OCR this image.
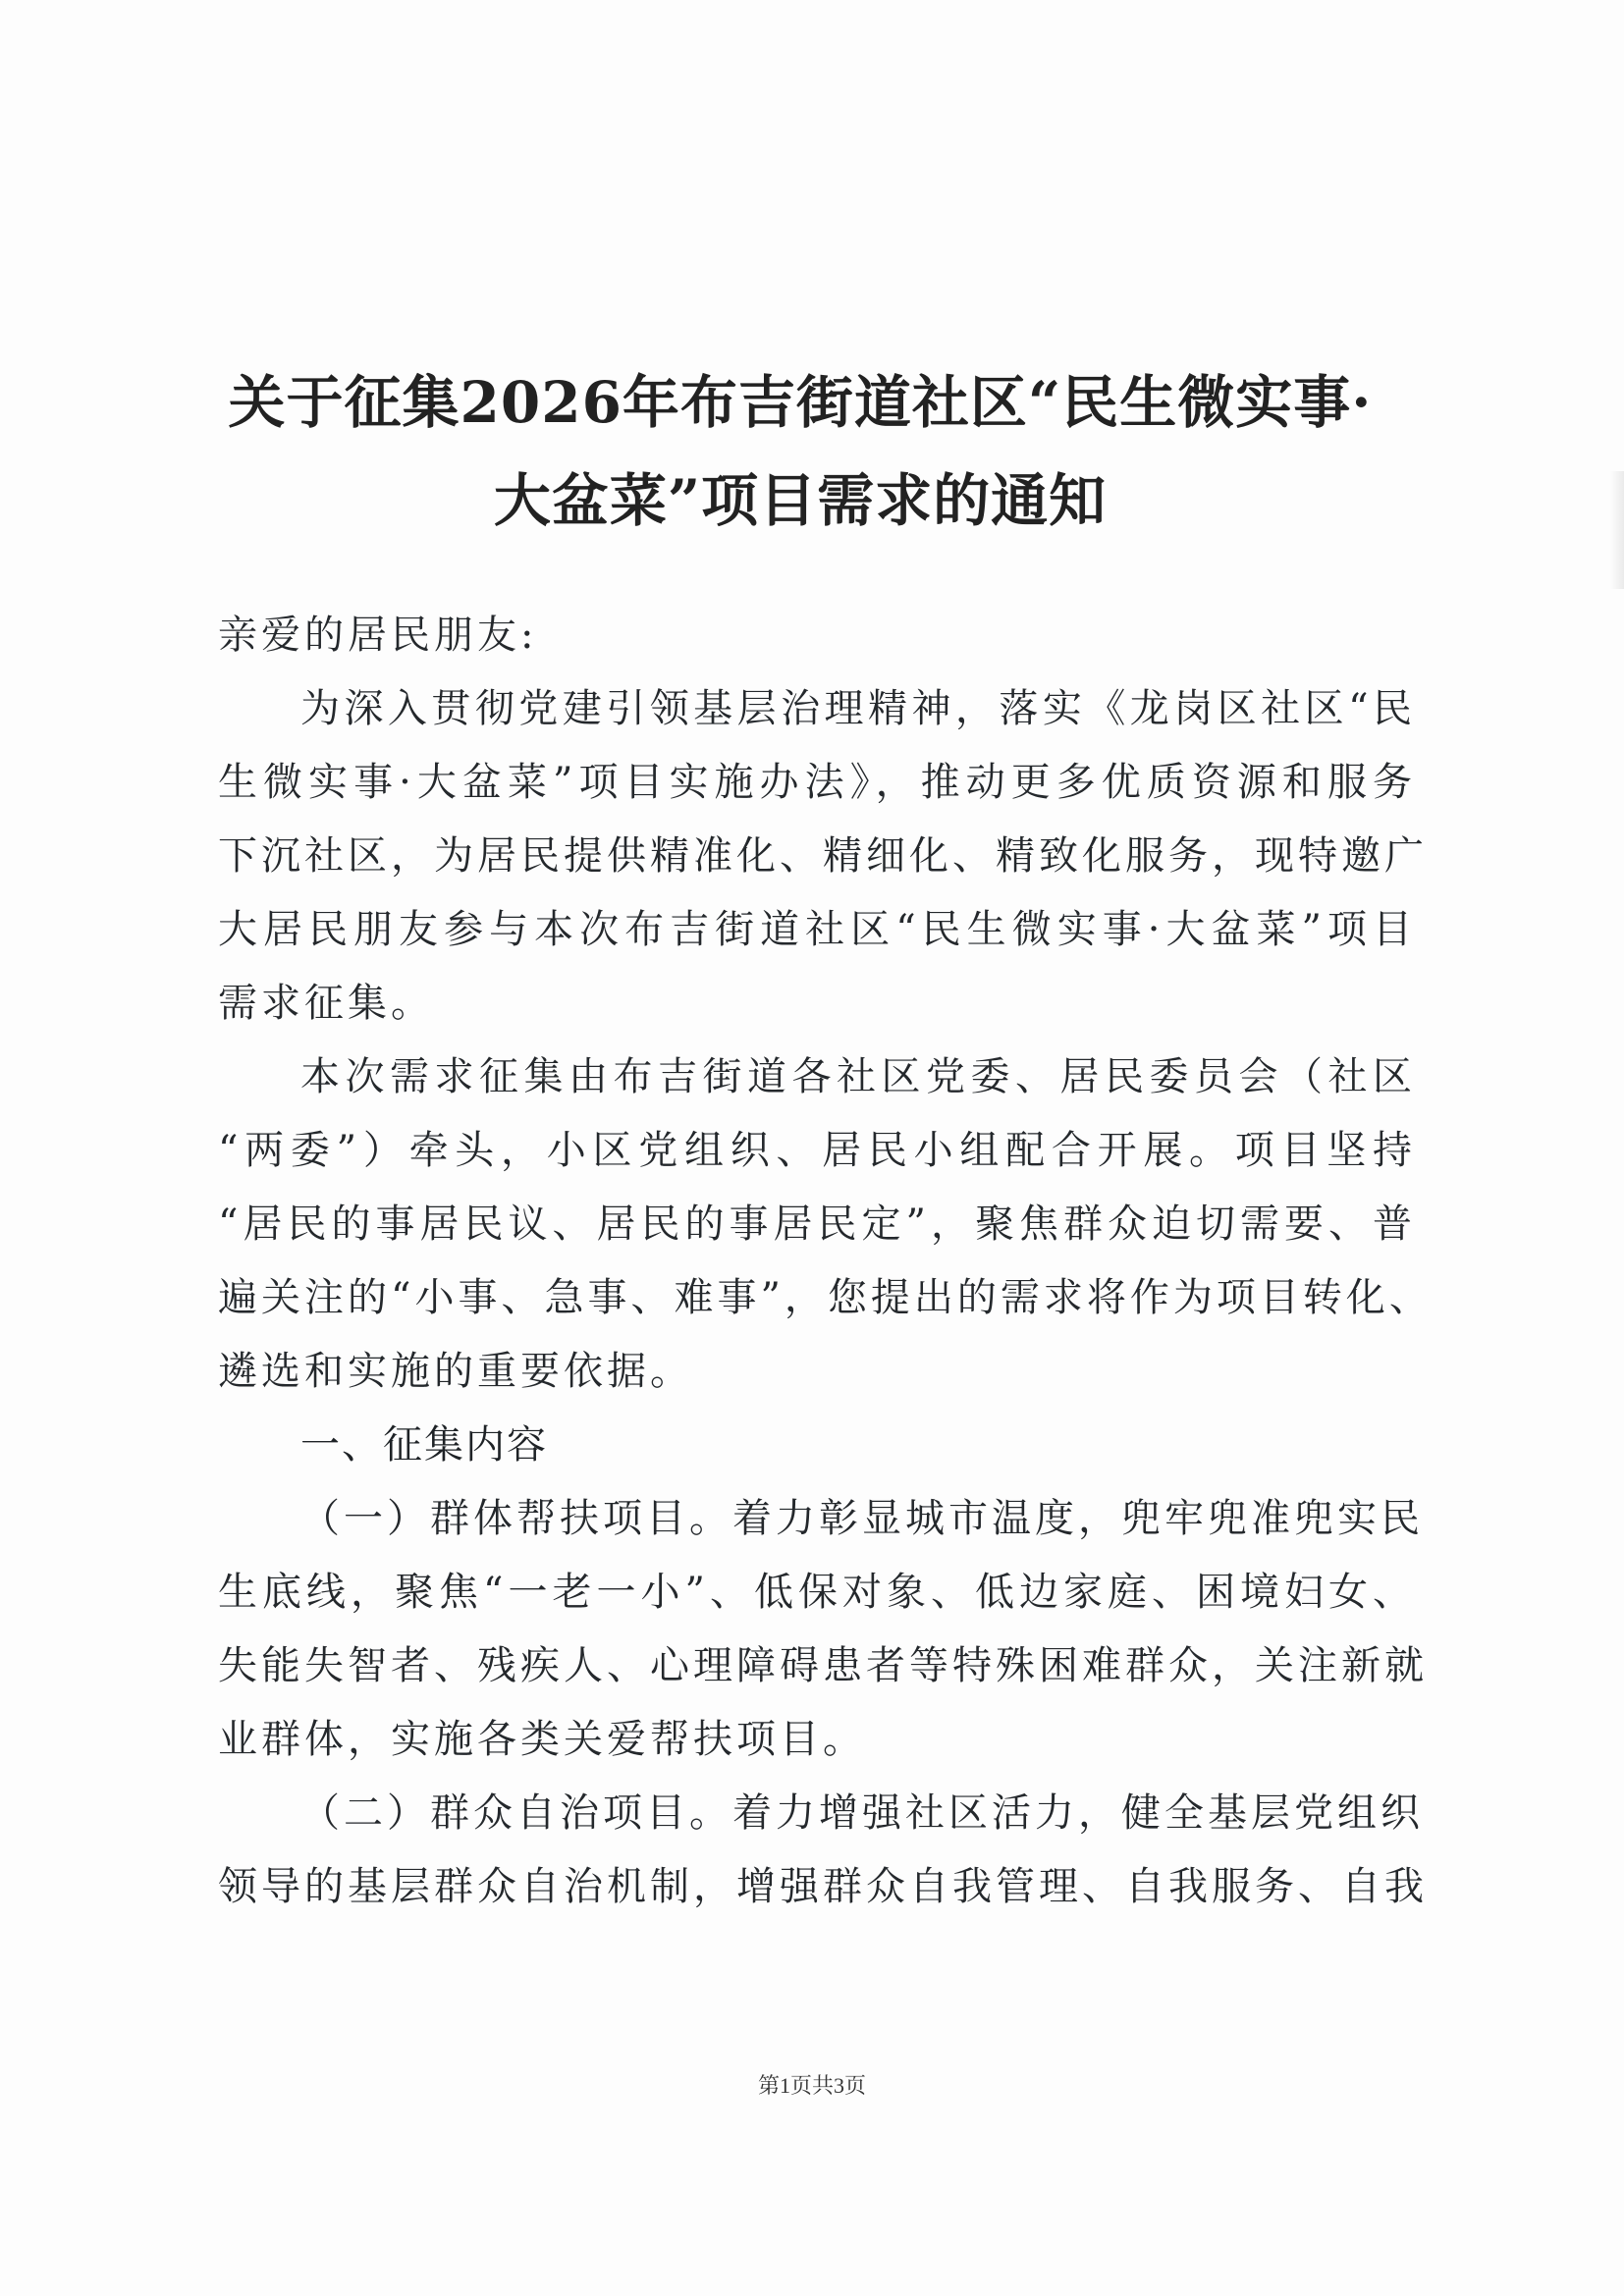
关于征集2026年布吉街道社区“民生微实事·
大盆菜”项目需求的通知
亲爱的居民朋友:
为深入贯彻党建引领基层治理精神，落实《龙岗区社区“民
生微实事·大盆菜”项目实施办法》，推动更多优质资源和服务
下沉社区，为居民提供精准化、精细化、精致化服务，现特邀广
大居民朋友参与本次布吉街道社区“民生微实事·大盆菜”项目
需求征集。
本次需求征集由布吉街道各社区党委、居民委员会（社区
“两委”）牵头，小区党组织、居民小组配合开展。项目坚持
“居民的事居民议、居民的事居民定”，聚焦群众迫切需要、普
遍关注的“小事、急事、难事”，您提出的需求将作为项目转化、
遴选和实施的重要依据。
一、征集内容
（一）群体帮扶项目。着力彰显城市温度，兜牢兜准兜实民
生底线，聚焦“一老一小”、低保对象、低边家庭、困境妇女、
失能失智者、残疾人、心理障碍患者等特殊困难群众，关注新就
业群体，实施各类关爱帮扶项目。
（二）群众自治项目。着力增强社区活力，健全基层党组织
领导的基层群众自治机制，增强群众自我管理、自我服务、自我
第1页共3页
